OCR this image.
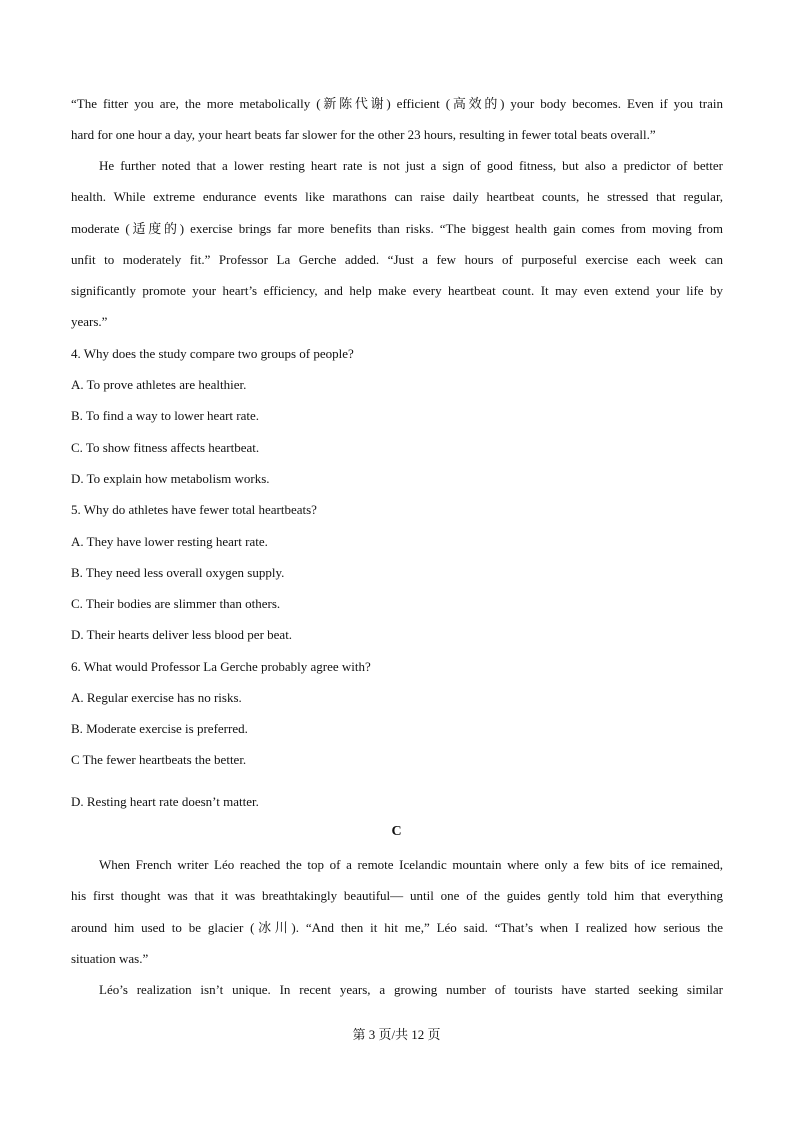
“The fitter you are, the more metabolically (新陈代谢) efficient (高效的) your body becomes. Even if you train
hard for one hour a day, your heart beats far slower for the other 23 hours, resulting in fewer total beats overall.”
He further noted that a lower resting heart rate is not just a sign of good fitness, but also a predictor of better
health. While extreme endurance events like marathons can raise daily heartbeat counts, he stressed that regular,
moderate (适度的) exercise brings far more benefits than risks. “The biggest health gain comes from moving from
unfit to moderately fit.” Professor La Gerche added. “Just a few hours of purposeful exercise each week can
significantly promote your heart’s efficiency, and help make every heartbeat count. It may even extend your life by
years.”
4. Why does the study compare two groups of people?
A. To prove athletes are healthier.
B. To find a way to lower heart rate.
C. To show fitness affects heartbeat.
D. To explain how metabolism works.
5. Why do athletes have fewer total heartbeats?
A. They have lower resting heart rate.
B. They need less overall oxygen supply.
C. Their bodies are slimmer than others.
D. Their hearts deliver less blood per beat.
6. What would Professor La Gerche probably agree with?
A. Regular exercise has no risks.
B. Moderate exercise is preferred.
C The fewer heartbeats the better.
D. Resting heart rate doesn’t matter.
C
When French writer Léo reached the top of a remote Icelandic mountain where only a few bits of ice remained,
his first thought was that it was breathtakingly beautiful— until one of the guides gently told him that everything
around him used to be glacier (冰川). “And then it hit me,” Léo said. “That’s when I realized how serious the
situation was.”
Léo’s realization isn’t unique. In recent years, a growing number of tourists have started seeking similar
第 3 页/共 12 页
